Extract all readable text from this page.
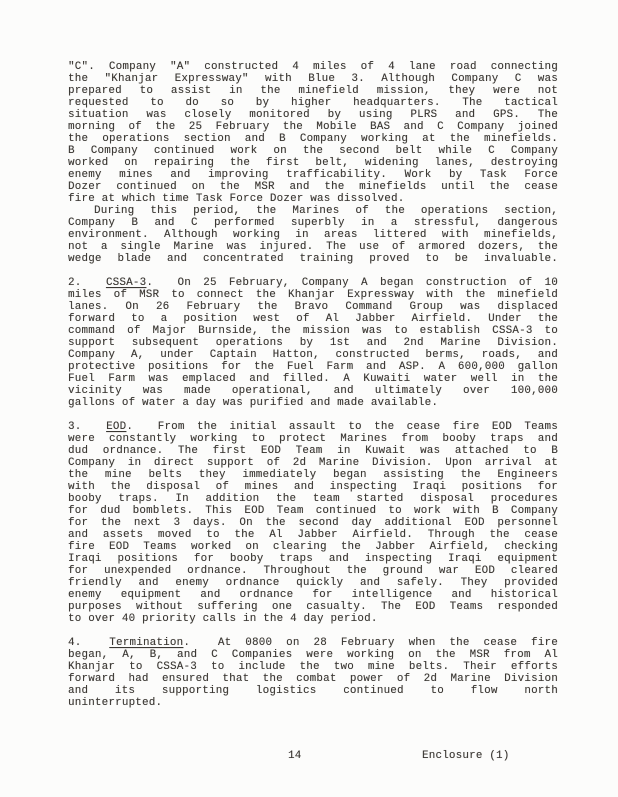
"C". Company "A" constructed 4 miles of 4 lane road connecting
the "Khanjar Expressway" with Blue 3. Although Company C was
prepared to assist in the minefield mission, they were not
requested to do so by higher headquarters. The tactical
situation was closely monitored by using PLRS and GPS. The
morning of the 25 February the Mobile BAS and C Company joined
the operations section and B Company working at the minefields.
B Company continued work on the second belt while C Company
worked on repairing the first belt, widening lanes, destroying
enemy mines and improving trafficability. Work by Task Force
Dozer continued on the MSR and the minefields until the cease
fire at which time Task Force Dozer was dissolved.
During this period, the Marines of the operations section,
Company B and C performed superbly in a stressful, dangerous
environment. Although working in areas littered with minefields,
not a single Marine was injured. The use of armored dozers, the
wedge blade and concentrated training proved to be invaluable.
2. CSSA-3.  On 25 February, Company A began construction of 10
miles of MSR to connect the Khanjar Expressway with the minefield
lanes. On 26 February the Bravo Command Group was displaced
forward to a position west of Al Jabber Airfield. Under the
command of Major Burnside, the mission was to establish CSSA-3 to
support subsequent operations by 1st and 2nd Marine Division.
Company A, under Captain Hatton, constructed berms, roads, and
protective positions for the Fuel Farm and ASP. A 600,000 gallon
Fuel Farm was emplaced and filled. A Kuwaiti water well in the
vicinity was made operational, and ultimately over 100,000
gallons of water a day was purified and made available.
3. EOD.  From the initial assault to the cease fire EOD Teams
were constantly working to protect Marines from booby traps and
dud ordnance. The first EOD Team in Kuwait was attached to B
Company in direct support of 2d Marine Division. Upon arrival at
the mine belts they immediately began assisting the Engineers
with the disposal of mines and inspecting Iraqi positions for
booby traps. In addition the team started disposal procedures
for dud bomblets. This EOD Team continued to work with B Company
for the next 3 days. On the second day additional EOD personnel
and assets moved to the Al Jabber Airfield. Through the cease
fire EOD Teams worked on clearing the Jabber Airfield, checking
Iraqi positions for booby traps and inspecting Iraqi equipment
for unexpended ordnance. Throughout the ground war EOD cleared
friendly and enemy ordnance quickly and safely. They provided
enemy equipment and ordnance for intelligence and historical
purposes without suffering one casualty. The EOD Teams responded
to over 40 priority calls in the 4 day period.
4.	Termination.  At 0800 on 28 February when the cease fire
began, A, B, and C Companies were working on the MSR from Al
Khanjar to CSSA-3 to include the two mine belts. Their efforts
forward had ensured that the combat power of 2d Marine Division
and its supporting logistics continued to flow north
uninterrupted.
14	Enclosure (1)
